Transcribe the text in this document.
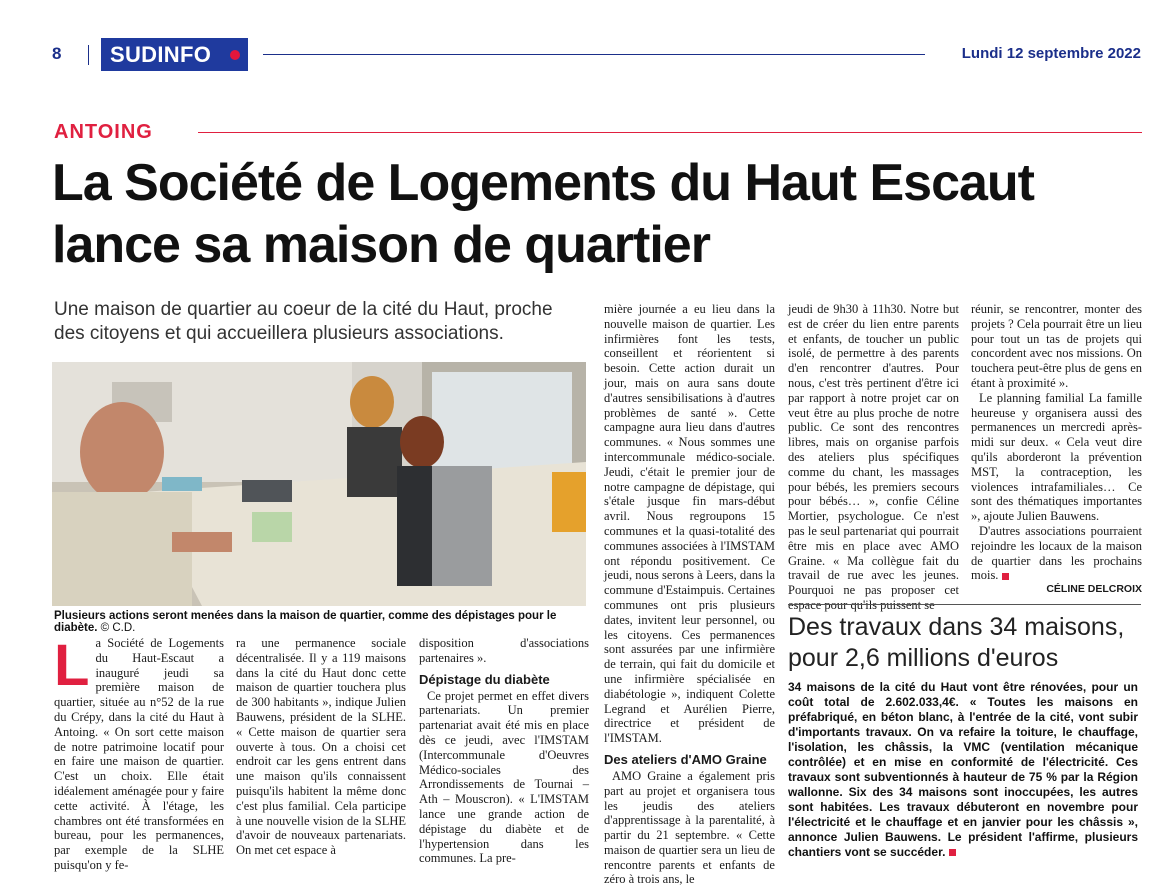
8 SUDINFO	Lundi 12 septembre 2022
ANTOING
La Société de Logements du Haut Escaut
lance sa maison de quartier
Une maison de quartier au coeur de la cité du Haut, proche des citoyens et qui accueillera plusieurs associations.
Plusieurs actions seront menées dans la maison de quartier, comme des dépistages pour le diabète. © C.D.
L a Société de Logements du Haut-Escaut a inauguré jeudi sa première maison de quartier, située au n°52 de la rue du Crépy, dans la cité du Haut à Antoing. « On sort cette maison de notre patrimoine locatif pour en faire une maison de quartier. C'est un choix. Elle était idéalement aménagée pour y faire cette activité. À l'étage, les chambres ont été transformées en bureau, pour les permanences, par exemple de la SLHE puisqu'on y fe-

ra une permanence sociale décentralisée. Il y a 119 maisons dans la cité du Haut donc cette maison de quartier touchera plus de 300 habitants », indique Julien Bauwens, président de la SLHE. « Cette maison de quartier sera ouverte à tous. On a choisi cet endroit car les gens entrent dans une maison qu'ils connaissent puisqu'ils habitent la même donc c'est plus familial. Cela participe à une nouvelle vision de la SLHE d'avoir de nouveaux partenariats. On met cet espace à

disposition d'associations partenaires ».

Dépistage du diabète

Ce projet permet en effet divers partenariats. Un premier partenariat avait été mis en place dès ce jeudi, avec l'IMSTAM (Intercommunale d'Oeuvres Médico-sociales des Arrondissements de Tournai – Ath – Mouscron). « L'IMSTAM lance une grande action de dépistage du diabète et de l'hypertension dans les communes. La pre-

mière journée a eu lieu dans la nouvelle maison de quartier. Les infirmières font les tests, conseillent et réorientent si besoin. Cette action durait un jour, mais on aura sans doute d'autres sensibilisations à d'autres problèmes de santé ». Cette campagne aura lieu dans d'autres communes. « Nous sommes une intercommunale médico-sociale. Jeudi, c'était le premier jour de notre campagne de dépistage, qui s'étale jusque fin mars-début avril. Nous regroupons 15 communes et la quasi-totalité des communes associées à l'IMSTAM ont répondu positivement. Ce jeudi, nous serons à Leers, dans la commune d'Estaimpuis. Certaines communes ont pris plusieurs dates, invitent leur personnel, ou les citoyens. Ces permanences sont assurées par une infirmière de terrain, qui fait du domicile et une infirmière spécialisée en diabétologie », indiquent Colette Legrand et Aurélien Pierre, directrice et président de l'IMSTAM.

Des ateliers d'AMO Graine

AMO Graine a également pris part au projet et organisera tous les jeudis des ateliers d'apprentissage à la parentalité, à partir du 21 septembre. « Cette maison de quartier sera un lieu de rencontre parents et enfants de zéro à trois ans, le

jeudi de 9h30 à 11h30. Notre but est de créer du lien entre parents et enfants, de toucher un public isolé, de permettre à des parents d'en rencontrer d'autres. Pour nous, c'est très pertinent d'être ici par rapport à notre projet car on veut être au plus proche de notre public. Ce sont des rencontres libres, mais on organise parfois des ateliers plus spécifiques comme du chant, les massages pour bébés, les premiers secours pour bébés… », confie Céline Mortier, psychologue. Ce n'est pas le seul partenariat qui pourrait être mis en place avec AMO Graine. « Ma collègue fait du travail de rue avec les jeunes. Pourquoi ne pas proposer cet

réunir, se rencontrer, monter des projets ? Cela pourrait être un lieu pour tout un tas de projets qui concordent avec nos missions. On touchera peut-être plus de gens en étant à proximité ».

Le planning familial La famille heureuse y organisera aussi des permanences un mercredi après-midi sur deux. « Cela veut dire qu'ils aborderont la prévention MST, la contraception, les violences intrafamiliales… Ce sont des thématiques importantes », ajoute Julien Bauwens.

D'autres associations pourraient rejoindre les locaux de la maison de quartier dans les prochains mois.

CÉLINE DELCROIX
Des travaux dans 34 maisons, pour 2,6 millions d'euros
34 maisons de la cité du Haut vont être rénovées, pour un coût total de 2.602.033,4€. « Toutes les maisons en préfabriqué, en béton blanc, à l'entrée de la cité, vont subir d'importants travaux. On va refaire la toiture, le chauffage, l'isolation, les châssis, la VMC (ventilation mécanique contrôlée) et en mise en conformité de l'électricité. Ces travaux sont subventionnés à hauteur de 75 % par la Région wallonne. Six des 34 maisons sont inoccupées, les autres sont habitées. Les travaux débuteront en novembre pour l'électricité et le chauffage et en janvier pour les châssis », annonce Julien Bauwens. Le président l'affirme, plusieurs chantiers vont se succéder.
